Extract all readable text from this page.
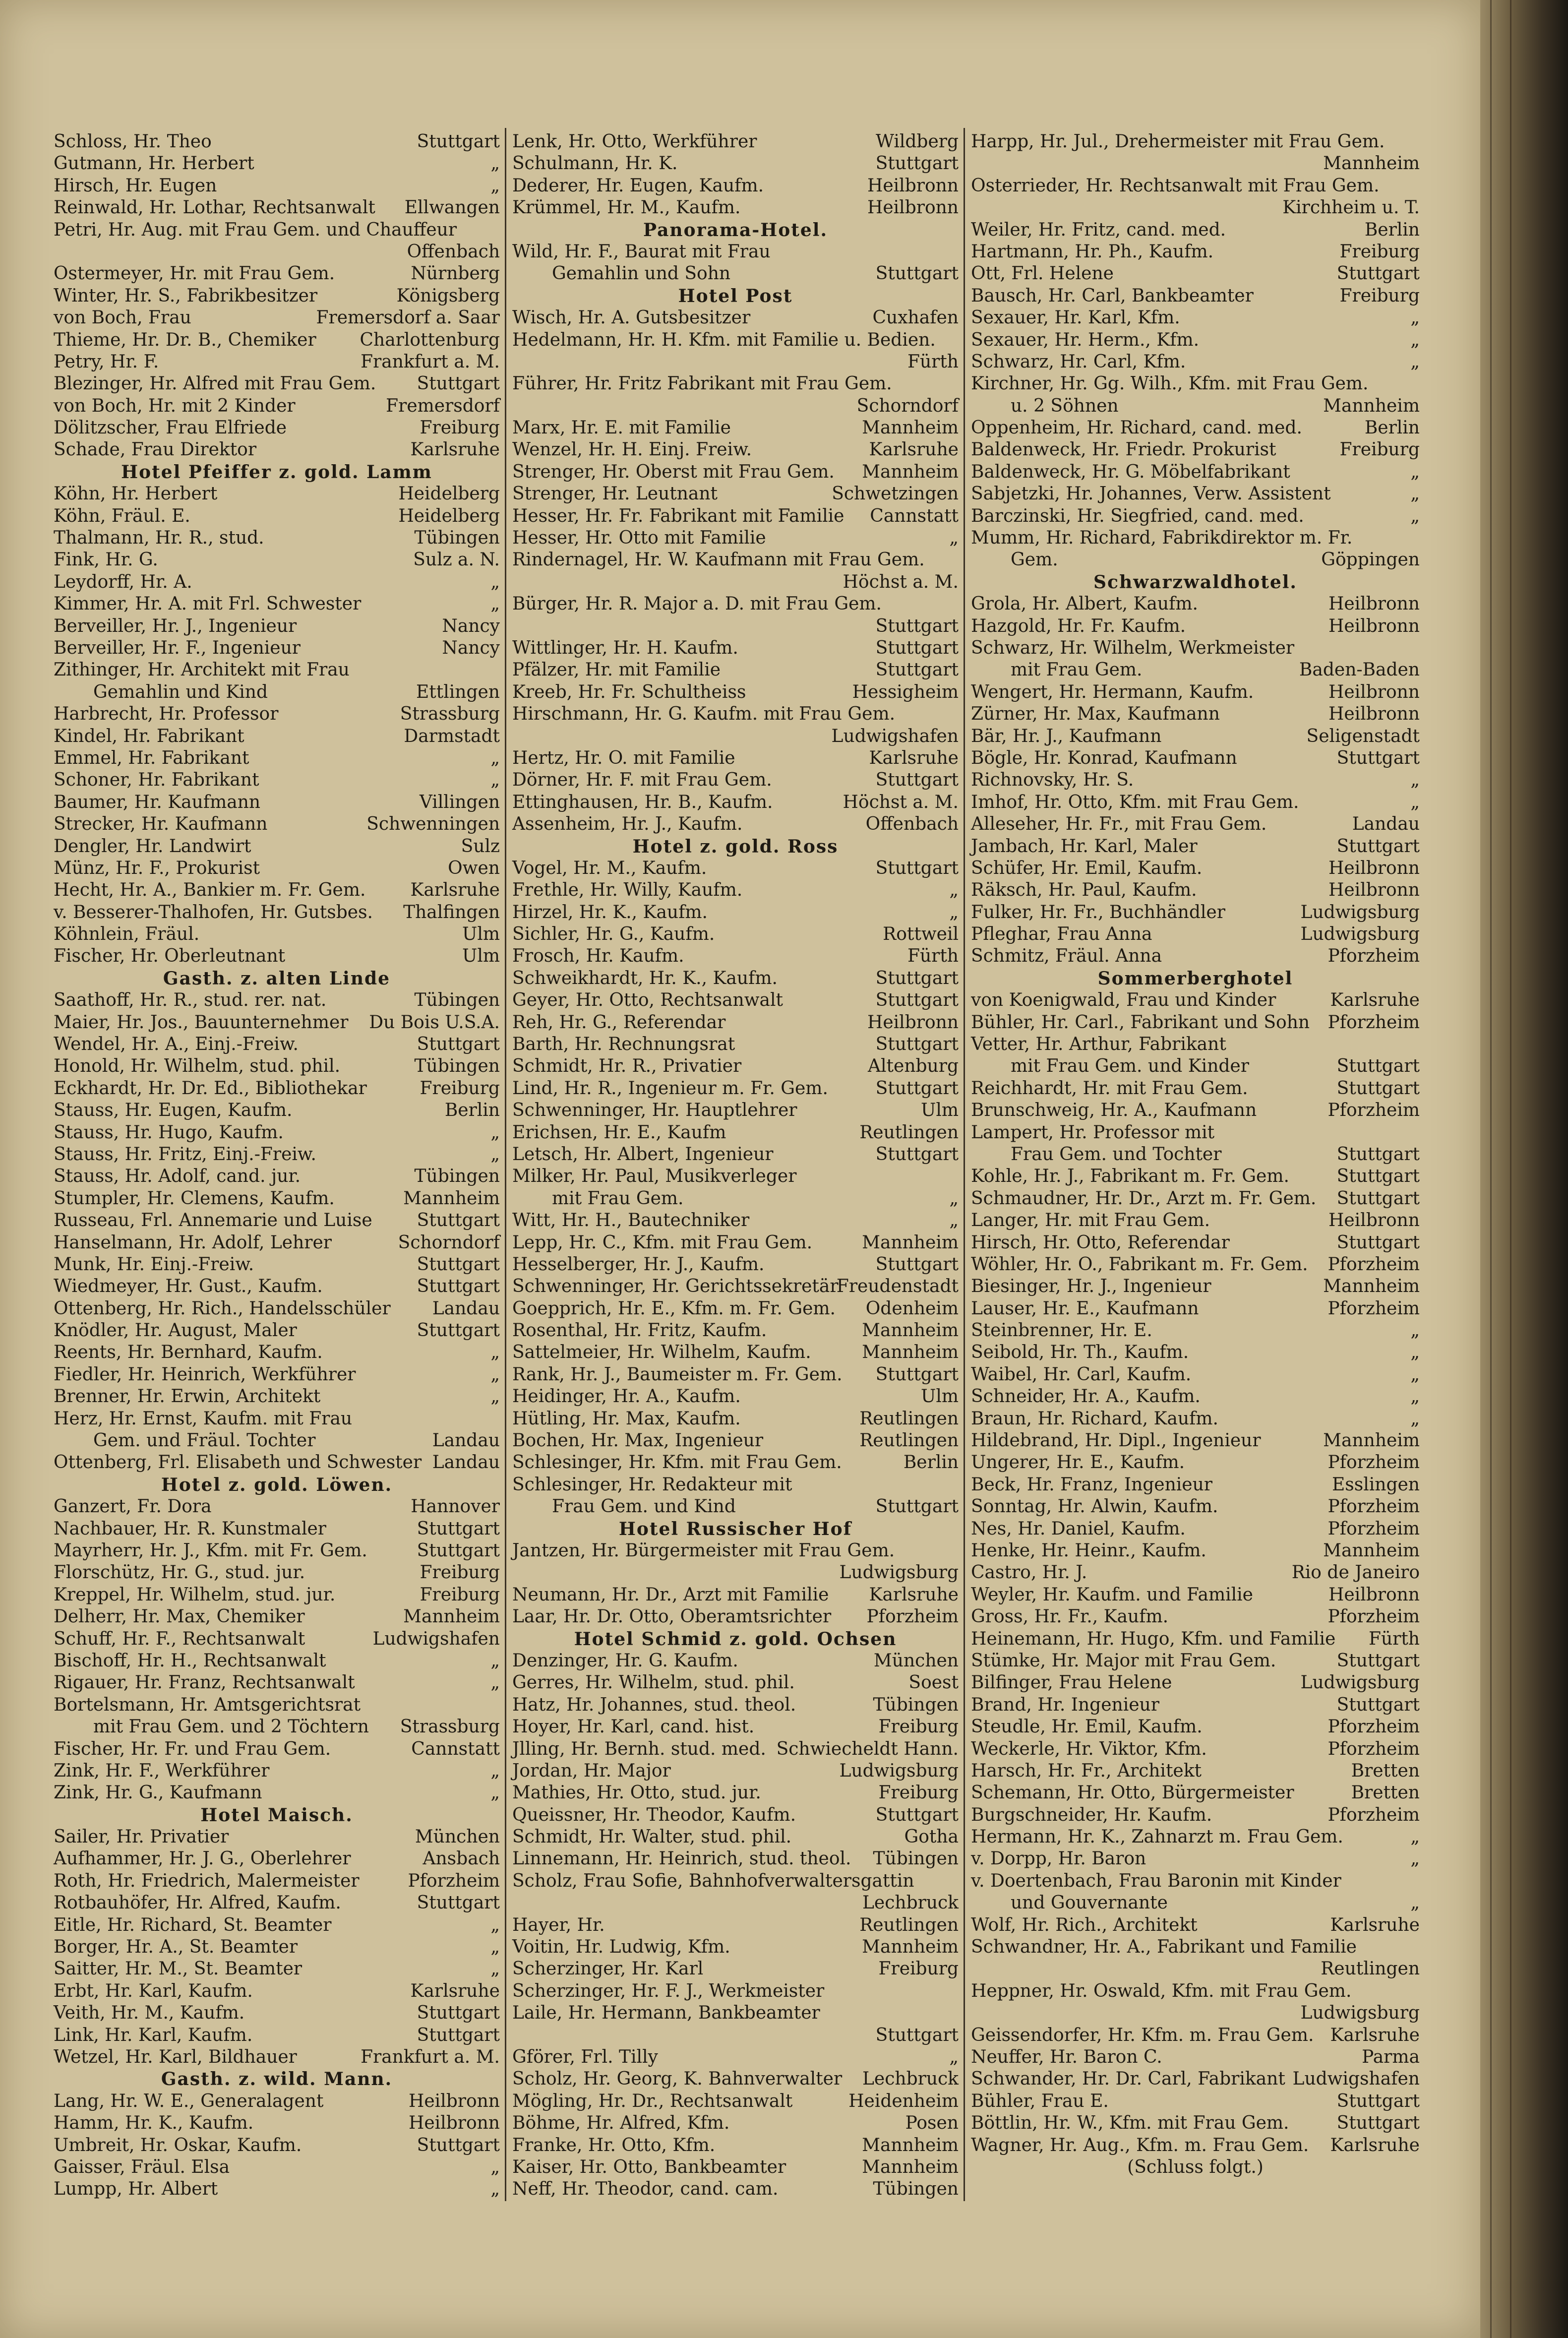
Schloss, Hr. Theo	Stuttgart
Gutmann, Hr. Herbert	„
Hirsch, Hr. Eugen	„
Reinwald, Hr. Lothar, Rechtsanwalt Ellwangen
Petri, Hr. Aug. mit Frau Gem. und Chauffeur
Offenbach
Ostermeyer, Hr. mit Frau Gem.	Nürnberg
Winter, Hr. S., Fabrikbesitzer	Königsberg
von Boch, Frau	Fremersdorf a. Saar
Thieme, Hr. Dr. B., Chemiker Charlottenburg
Petry, Hr. F.	Frankfurt a. M.
Blezinger, Hr. Alfred mit Frau Gem. Stuttgart
von Boch, Hr. mit 2 Kinder	Fremersdorf
Dölitzscher, Frau Elfriede	Freiburg
Schade, Frau Direktor	Karlsruhe
Hotel Pfeiffer z. gold. Lamm
Köhn, Hr. Herbert	Heidelberg
Köhn, Fräul. E.	Heidelberg
Thalmann, Hr. R., stud.	Tübingen
Fink, Hr. G.	Sulz a. N.
Leydorff, Hr. A.	„
Kimmer, Hr. A. mit Frl. Schwester	„
Berveiller, Hr. J., Ingenieur	Nancy
Berveiller, Hr. F., Ingenieur	Nancy
Zithinger, Hr. Architekt mit Frau
Gemahlin und Kind	Ettlingen
Harbrecht, Hr. Professor	Strassburg
Kindel, Hr. Fabrikant	Darmstadt
Emmel, Hr. Fabrikant	„
Schoner, Hr. Fabrikant	„
Baumer, Hr. Kaufmann	Villingen
Strecker, Hr. Kaufmann	Schwenningen
Dengler, Hr. Landwirt	Sulz
Münz, Hr. F., Prokurist	Owen
Hecht, Hr. A., Bankier m. Fr. Gem.	Karlsruhe
v. Besserer-Thalhofen, Hr. Gutsbes. Thalfingen
Köhnlein, Fräul.	Ulm
Fischer, Hr. Oberleutnant	Ulm
Gasth. z. alten Linde
Saathoff, Hr. R., stud. rer. nat.	Tübingen
Maier, Hr. Jos., Bauunternehmer Du Bois U.S.A.
Wendel, Hr. A., Einj.-Freiw.	Stuttgart
Honold, Hr. Wilhelm, stud. phil.	Tübingen
Eckhardt, Hr. Dr. Ed., Bibliothekar	Freiburg
Stauss, Hr. Eugen, Kaufm.	Berlin
Stauss, Hr. Hugo, Kaufm.	„
Stauss, Hr. Fritz, Einj.-Freiw.	„
Stauss, Hr. Adolf, cand. jur.	Tübingen
Stumpler, Hr. Clemens, Kaufm.	Mannheim
Russeau, Frl. Annemarie und Luise Stuttgart
Hanselmann, Hr. Adolf, Lehrer	Schorndorf
Munk, Hr. Einj.-Freiw.	Stuttgart
Wiedmeyer, Hr. Gust., Kaufm.	Stuttgart
Ottenberg, Hr. Rich., Handelsschüler Landau
Knödler, Hr. August, Maler	Stuttgart
Reents, Hr. Bernhard, Kaufm.	„
Fiedler, Hr. Heinrich, Werkführer	„
Brenner, Hr. Erwin, Architekt	„
Herz, Hr. Ernst, Kaufm. mit Frau
Gem. und Fräul. Tochter	Landau
Ottenberg, Frl. Elisabeth und Schwester Landau
Hotel z. gold. Löwen.
Ganzert, Fr. Dora	Hannover
Nachbauer, Hr. R. Kunstmaler	Stuttgart
Mayrherr, Hr. J., Kfm. mit Fr. Gem.	Stuttgart
Florschütz, Hr. G., stud. jur.	Freiburg
Kreppel, Hr. Wilhelm, stud. jur.	Freiburg
Delherr, Hr. Max, Chemiker	Mannheim
Schuff, Hr. F., Rechtsanwalt	Ludwigshafen
Bischoff, Hr. H., Rechtsanwalt	„
Rigauer, Hr. Franz, Rechtsanwalt	„
Bortelsmann, Hr. Amtsgerichtsrat
mit Frau Gem. und 2 Töchtern Strassburg
Fischer, Hr. Fr. und Frau Gem.	Cannstatt
Zink, Hr. F., Werkführer	„
Zink, Hr. G., Kaufmann	„
Hotel Maisch.
Sailer, Hr. Privatier	München
Aufhammer, Hr. J. G., Oberlehrer	Ansbach
Roth, Hr. Friedrich, Malermeister	Pforzheim
Rotbauhöfer, Hr. Alfred, Kaufm.	Stuttgart
Eitle, Hr. Richard, St. Beamter	„
Borger, Hr. A., St. Beamter	„
Saitter, Hr. M., St. Beamter	„
Erbt, Hr. Karl, Kaufm.	Karlsruhe
Veith, Hr. M., Kaufm.	Stuttgart
Link, Hr. Karl, Kaufm.	Stuttgart
Wetzel, Hr. Karl, Bildhauer	Frankfurt a. M.
Gasth. z. wild. Mann.
Lang, Hr. W. E., Generalagent	Heilbronn
Hamm, Hr. K., Kaufm.	Heilbronn
Umbreit, Hr. Oskar, Kaufm.	Stuttgart
Gaisser, Fräul. Elsa	„
Lumpp, Hr. Albert	„
Lenk, Hr. Otto, Werkführer	Wildberg
Schulmann, Hr. K.	Stuttgart
Dederer, Hr. Eugen, Kaufm.	Heilbronn
Krümmel, Hr. M., Kaufm.	Heilbronn
Panorama-Hotel.
Wild, Hr. F., Baurat mit Frau
Gemahlin und Sohn	Stuttgart
Hotel Post
Wisch, Hr. A. Gutsbesitzer	Cuxhafen
Hedelmann, Hr. H. Kfm. mit Familie u. Bedien.
Fürth
Führer, Hr. Fritz Fabrikant mit Frau Gem.
Schorndorf
Marx, Hr. E. mit Familie	Mannheim
Wenzel, Hr. H. Einj. Freiw.	Karlsruhe
Strenger, Hr. Oberst mit Frau Gem. Mannheim
Strenger, Hr. Leutnant	Schwetzingen
Hesser, Hr. Fr. Fabrikant mit Familie Cannstatt
Hesser, Hr. Otto mit Familie	„
Rindernagel, Hr. W. Kaufmann mit Frau Gem.
Höchst a. M.
Bürger, Hr. R. Major a. D. mit Frau Gem.
Stuttgart
Wittlinger, Hr. H. Kaufm.	Stuttgart
Pfälzer, Hr. mit Familie	Stuttgart
Kreeb, Hr. Fr. Schultheiss	Hessigheim
Hirschmann, Hr. G. Kaufm. mit Frau Gem.
Ludwigshafen
Hertz, Hr. O. mit Familie	Karlsruhe
Dörner, Hr. F. mit Frau Gem.	Stuttgart
Ettinghausen, Hr. B., Kaufm.	Höchst a. M.
Assenheim, Hr. J., Kaufm.	Offenbach
Hotel z. gold. Ross
Vogel, Hr. M., Kaufm.	Stuttgart
Frethle, Hr. Willy, Kaufm.	„
Hirzel, Hr. K., Kaufm.	„
Sichler, Hr. G., Kaufm.	Rottweil
Frosch, Hr. Kaufm.	Fürth
Schweikhardt, Hr. K., Kaufm.	Stuttgart
Geyer, Hr. Otto, Rechtsanwalt	Stuttgart
Reh, Hr. G., Referendar	Heilbronn
Barth, Hr. Rechnungsrat	Stuttgart
Schmidt, Hr. R., Privatier	Altenburg
Lind, Hr. R., Ingenieur m. Fr. Gem.	Stuttgart
Schwenninger, Hr. Hauptlehrer	Ulm
Erichsen, Hr. E., Kaufm	Reutlingen
Letsch, Hr. Albert, Ingenieur	Stuttgart
Milker, Hr. Paul, Musikverleger
mit Frau Gem.	„
Witt, Hr. H., Bautechniker	„
Lepp, Hr. C., Kfm. mit Frau Gem.	Mannheim
Hesselberger, Hr. J., Kaufm.	Stuttgart
Schwenninger, Hr. Gerichtssekretär
Freudenstadt
Goepprich, Hr. E., Kfm. m. Fr. Gem. Odenheim
Rosenthal, Hr. Fritz, Kaufm.	Mannheim
Sattelmeier, Hr. Wilhelm, Kaufm.	Mannheim
Rank, Hr. J., Baumeister m. Fr. Gem. Stuttgart
Heidinger, Hr. A., Kaufm.	Ulm
Hütling, Hr. Max, Kaufm.	Reutlingen
Bochen, Hr. Max, Ingenieur	Reutlingen
Schlesinger, Hr. Kfm. mit Frau Gem.	Berlin
Schlesinger, Hr. Redakteur mit
Frau Gem. und Kind	Stuttgart
Hotel Russischer Hof
Jantzen, Hr. Bürgermeister mit Frau Gem.
Ludwigsburg
Neumann, Hr. Dr., Arzt mit Familie Karlsruhe
Laar, Hr. Dr. Otto, Oberamtsrichter Pforzheim
Hotel Schmid z. gold. Ochsen
Denzinger, Hr. G. Kaufm.	München
Gerres, Hr. Wilhelm, stud. phil.	Soest
Hatz, Hr. Johannes, stud. theol.	Tübingen
Hoyer, Hr. Karl, cand. hist.	Freiburg
Jlling, Hr. Bernh. stud. med. Schwiecheldt Hann.
Jordan, Hr. Major	Ludwigsburg
Mathies, Hr. Otto, stud. jur.	Freiburg
Queissner, Hr. Theodor, Kaufm.	Stuttgart
Schmidt, Hr. Walter, stud. phil.	Gotha
Linnemann, Hr. Heinrich, stud. theol. Tübingen
Scholz, Frau Sofie, Bahnhofverwaltersgattin
Lechbruck
Hayer, Hr.	Reutlingen
Voitin, Hr. Ludwig, Kfm.	Mannheim
Scherzinger, Hr. Karl	Freiburg
Scherzinger, Hr. F. J., Werkmeister
Laile, Hr. Hermann, Bankbeamter
Stuttgart
Gförer, Frl. Tilly	„
Scholz, Hr. Georg, K. Bahnverwalter Lechbruck
Mögling, Hr. Dr., Rechtsanwalt	Heidenheim
Böhme, Hr. Alfred, Kfm.	Posen
Franke, Hr. Otto, Kfm.	Mannheim
Kaiser, Hr. Otto, Bankbeamter	Mannheim
Neff, Hr. Theodor, cand. cam.	Tübingen
Harpp, Hr. Jul., Drehermeister mit Frau Gem.
Mannheim
Osterrieder, Hr. Rechtsanwalt mit Frau Gem.
Kirchheim u. T.
Weiler, Hr. Fritz, cand. med.	Berlin
Hartmann, Hr. Ph., Kaufm.	Freiburg
Ott, Frl. Helene	Stuttgart
Bausch, Hr. Carl, Bankbeamter	Freiburg
Sexauer, Hr. Karl, Kfm.	„
Sexauer, Hr. Herm., Kfm.	„
Schwarz, Hr. Carl, Kfm.	„
Kirchner, Hr. Gg. Wilh., Kfm. mit Frau Gem.
u. 2 Söhnen	Mannheim
Oppenheim, Hr. Richard, cand. med.	Berlin
Baldenweck, Hr. Friedr. Prokurist	Freiburg
Baldenweck, Hr. G. Möbelfabrikant	„
Sabjetzki, Hr. Johannes, Verw. Assistent	„
Barczinski, Hr. Siegfried, cand. med.	„
Mumm, Hr. Richard, Fabrikdirektor m. Fr.
Gem.	Göppingen
Schwarzwaldhotel.
Grola, Hr. Albert, Kaufm.	Heilbronn
Hazgold, Hr. Fr. Kaufm.	Heilbronn
Schwarz, Hr. Wilhelm, Werkmeister
mit Frau Gem.	Baden-Baden
Wengert, Hr. Hermann, Kaufm.	Heilbronn
Zürner, Hr. Max, Kaufmann	Heilbronn
Bär, Hr. J., Kaufmann	Seligenstadt
Bögle, Hr. Konrad, Kaufmann	Stuttgart
Richnovsky, Hr. S.	„
Imhof, Hr. Otto, Kfm. mit Frau Gem.	„
Alleseher, Hr. Fr., mit Frau Gem.	Landau
Jambach, Hr. Karl, Maler	Stuttgart
Schüfer, Hr. Emil, Kaufm.	Heilbronn
Räksch, Hr. Paul, Kaufm.	Heilbronn
Fulker, Hr. Fr., Buchhändler	Ludwigsburg
Pfleghar, Frau Anna	Ludwigsburg
Schmitz, Fräul. Anna	Pforzheim
Sommerberghotel
von Koenigwald, Frau und Kinder	Karlsruhe
Bühler, Hr. Carl., Fabrikant und Sohn Pforzheim
Vetter, Hr. Arthur, Fabrikant
mit Frau Gem. und Kinder	Stuttgart
Reichhardt, Hr. mit Frau Gem.	Stuttgart
Brunschweig, Hr. A., Kaufmann	Pforzheim
Lampert, Hr. Professor mit
Frau Gem. und Tochter	Stuttgart
Kohle, Hr. J., Fabrikant m. Fr. Gem.	Stuttgart
Schmaudner, Hr. Dr., Arzt m. Fr. Gem. Stuttgart
Langer, Hr. mit Frau Gem.	Heilbronn
Hirsch, Hr. Otto, Referendar	Stuttgart
Wöhler, Hr. O., Fabrikant m. Fr. Gem. Pforzheim
Biesinger, Hr. J., Ingenieur	Mannheim
Lauser, Hr. E., Kaufmann	Pforzheim
Steinbrenner, Hr. E.	„
Seibold, Hr. Th., Kaufm.	„
Waibel, Hr. Carl, Kaufm.	„
Schneider, Hr. A., Kaufm.	„
Braun, Hr. Richard, Kaufm.	„
Hildebrand, Hr. Dipl., Ingenieur	Mannheim
Ungerer, Hr. E., Kaufm.	Pforzheim
Beck, Hr. Franz, Ingenieur	Esslingen
Sonntag, Hr. Alwin, Kaufm.	Pforzheim
Nes, Hr. Daniel, Kaufm.	Pforzheim
Henke, Hr. Heinr., Kaufm.	Mannheim
Castro, Hr. J.	Rio de Janeiro
Weyler, Hr. Kaufm. und Familie	Heilbronn
Gross, Hr. Fr., Kaufm.	Pforzheim
Heinemann, Hr. Hugo, Kfm. und Familie Fürth
Stümke, Hr. Major mit Frau Gem.	Stuttgart
Bilfinger, Frau Helene	Ludwigsburg
Brand, Hr. Ingenieur	Stuttgart
Steudle, Hr. Emil, Kaufm.	Pforzheim
Weckerle, Hr. Viktor, Kfm.	Pforzheim
Harsch, Hr. Fr., Architekt	Bretten
Schemann, Hr. Otto, Bürgermeister	Bretten
Burgschneider, Hr. Kaufm.	Pforzheim
Hermann, Hr. K., Zahnarzt m. Frau Gem.	„
v. Dorpp, Hr. Baron	„
v. Doertenbach, Frau Baronin mit Kinder
und Gouvernante	„
Wolf, Hr. Rich., Architekt	Karlsruhe
Schwandner, Hr. A., Fabrikant und Familie
Reutlingen
Heppner, Hr. Oswald, Kfm. mit Frau Gem.
Ludwigsburg
Geissendorfer, Hr. Kfm. m. Frau Gem. Karlsruhe
Neuffer, Hr. Baron C.	Parma
Schwander, Hr. Dr. Carl, Fabrikant Ludwigshafen
Bühler, Frau E.	Stuttgart
Böttlin, Hr. W., Kfm. mit Frau Gem.	Stuttgart
Wagner, Hr. Aug., Kfm. m. Frau Gem. Karlsruhe
(Schluss folgt.)
